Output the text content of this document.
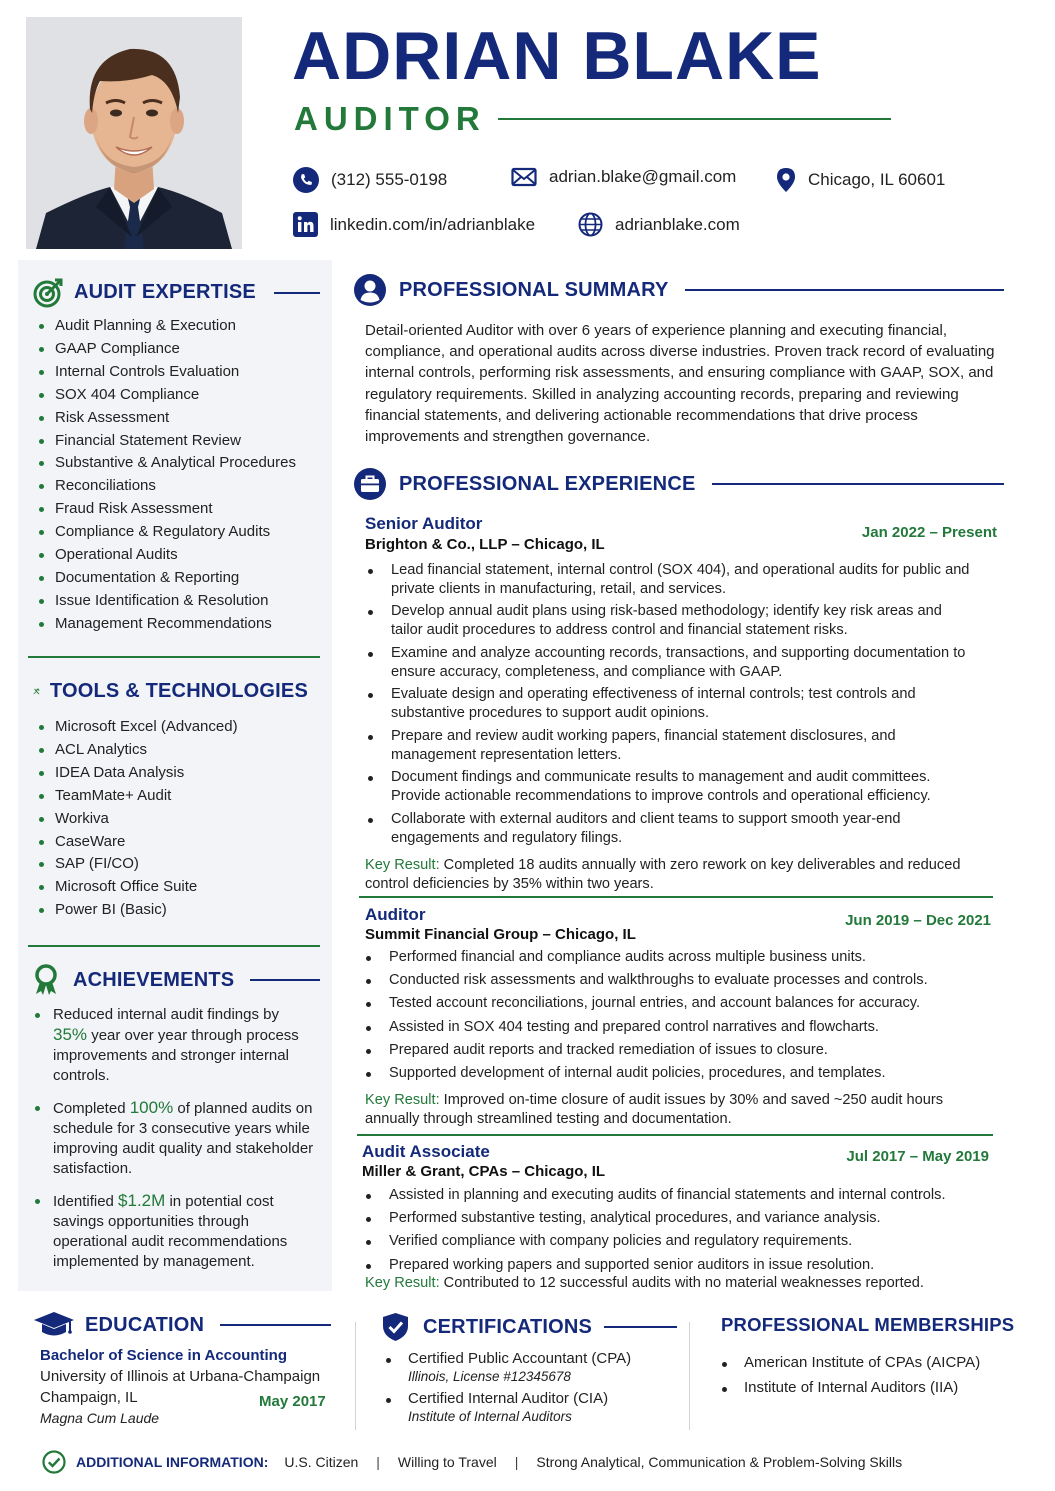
ADRIAN BLAKE
AUDITOR
(312) 555-0198	adrian.blake@gmail.com	Chicago, IL 60601
linkedin.com/in/adrianblake	adrianblake.com
AUDIT EXPERTISE
Audit Planning & Execution
GAAP Compliance
Internal Controls Evaluation
SOX 404 Compliance
Risk Assessment
Financial Statement Review
Substantive & Analytical Procedures
Reconciliations
Fraud Risk Assessment
Compliance & Regulatory Audits
Operational Audits
Documentation & Reporting
Issue Identification & Resolution
Management Recommendations
TOOLS & TECHNOLOGIES
Microsoft Excel (Advanced)
ACL Analytics
IDEA Data Analysis
TeamMate+ Audit
Workiva
CaseWare
SAP (FI/CO)
Microsoft Office Suite
Power BI (Basic)
ACHIEVEMENTS
Reduced internal audit findings by 35% year over year through process improvements and stronger internal controls.
Completed 100% of planned audits on schedule for 3 consecutive years while improving audit quality and stakeholder satisfaction.
Identified $1.2M in potential cost savings opportunities through operational audit recommendations implemented by management.
PROFESSIONAL SUMMARY

Detail-oriented Auditor with over 6 years of experience planning and executing financial, compliance, and operational audits across diverse industries. Proven track record of evaluating internal controls, performing risk assessments, and ensuring compliance with GAAP, SOX, and regulatory requirements. Skilled in analyzing accounting records, preparing and reviewing financial statements, and delivering actionable recommendations that drive process improvements and strengthen governance.

PROFESSIONAL EXPERIENCE
Senior Auditor	Jan 2022 – Present
Brighton & Co., LLP – Chicago, IL
Lead financial statement, internal control (SOX 404), and operational audits for public and private clients in manufacturing, retail, and services.
Develop annual audit plans using risk-based methodology; identify key risk areas and tailor audit procedures to address control and financial statement risks.
Examine and analyze accounting records, transactions, and supporting documentation to ensure accuracy, completeness, and compliance with GAAP.
Evaluate design and operating effectiveness of internal controls; test controls and substantive procedures to support audit opinions.
Prepare and review audit working papers, financial statement disclosures, and management representation letters.
Document findings and communicate results to management and audit committees. Provide actionable recommendations to improve controls and operational efficiency.
Collaborate with external auditors and client teams to support smooth year-end engagements and regulatory filings.
Key Result: Completed 18 audits annually with zero rework on key deliverables and reduced control deficiencies by 35% within two years.
Auditor	Jun 2019 – Dec 2021
Summit Financial Group – Chicago, IL
Performed financial and compliance audits across multiple business units.
Conducted risk assessments and walkthroughs to evaluate processes and controls.
Tested account reconciliations, journal entries, and account balances for accuracy.
Assisted in SOX 404 testing and prepared control narratives and flowcharts.
Prepared audit reports and tracked remediation of issues to closure.
Supported development of internal audit policies, procedures, and templates.
Key Result: Improved on-time closure of audit issues by 30% and saved ~250 audit hours annually through streamlined testing and documentation.
Audit Associate	Jul 2017 – May 2019
Miller & Grant, CPAs – Chicago, IL
Assisted in planning and executing audits of financial statements and internal controls.
Performed substantive testing, analytical procedures, and variance analysis.
Verified compliance with company policies and regulatory requirements.
Prepared working papers and supported senior auditors in issue resolution.
Key Result: Contributed to 12 successful audits with no material weaknesses reported.
EDUCATION
Bachelor of Science in Accounting
University of Illinois at Urbana-Champaign
Champaign, IL	May 2017
Magna Cum Laude
CERTIFICATIONS
Certified Public Accountant (CPA)
Illinois, License #12345678
Certified Internal Auditor (CIA)
Institute of Internal Auditors
PROFESSIONAL MEMBERSHIPS
American Institute of CPAs (AICPA)
Institute of Internal Auditors (IIA)
ADDITIONAL INFORMATION: U.S. Citizen	|	Willing to Travel	|	Strong Analytical, Communication & Problem-Solving Skills
